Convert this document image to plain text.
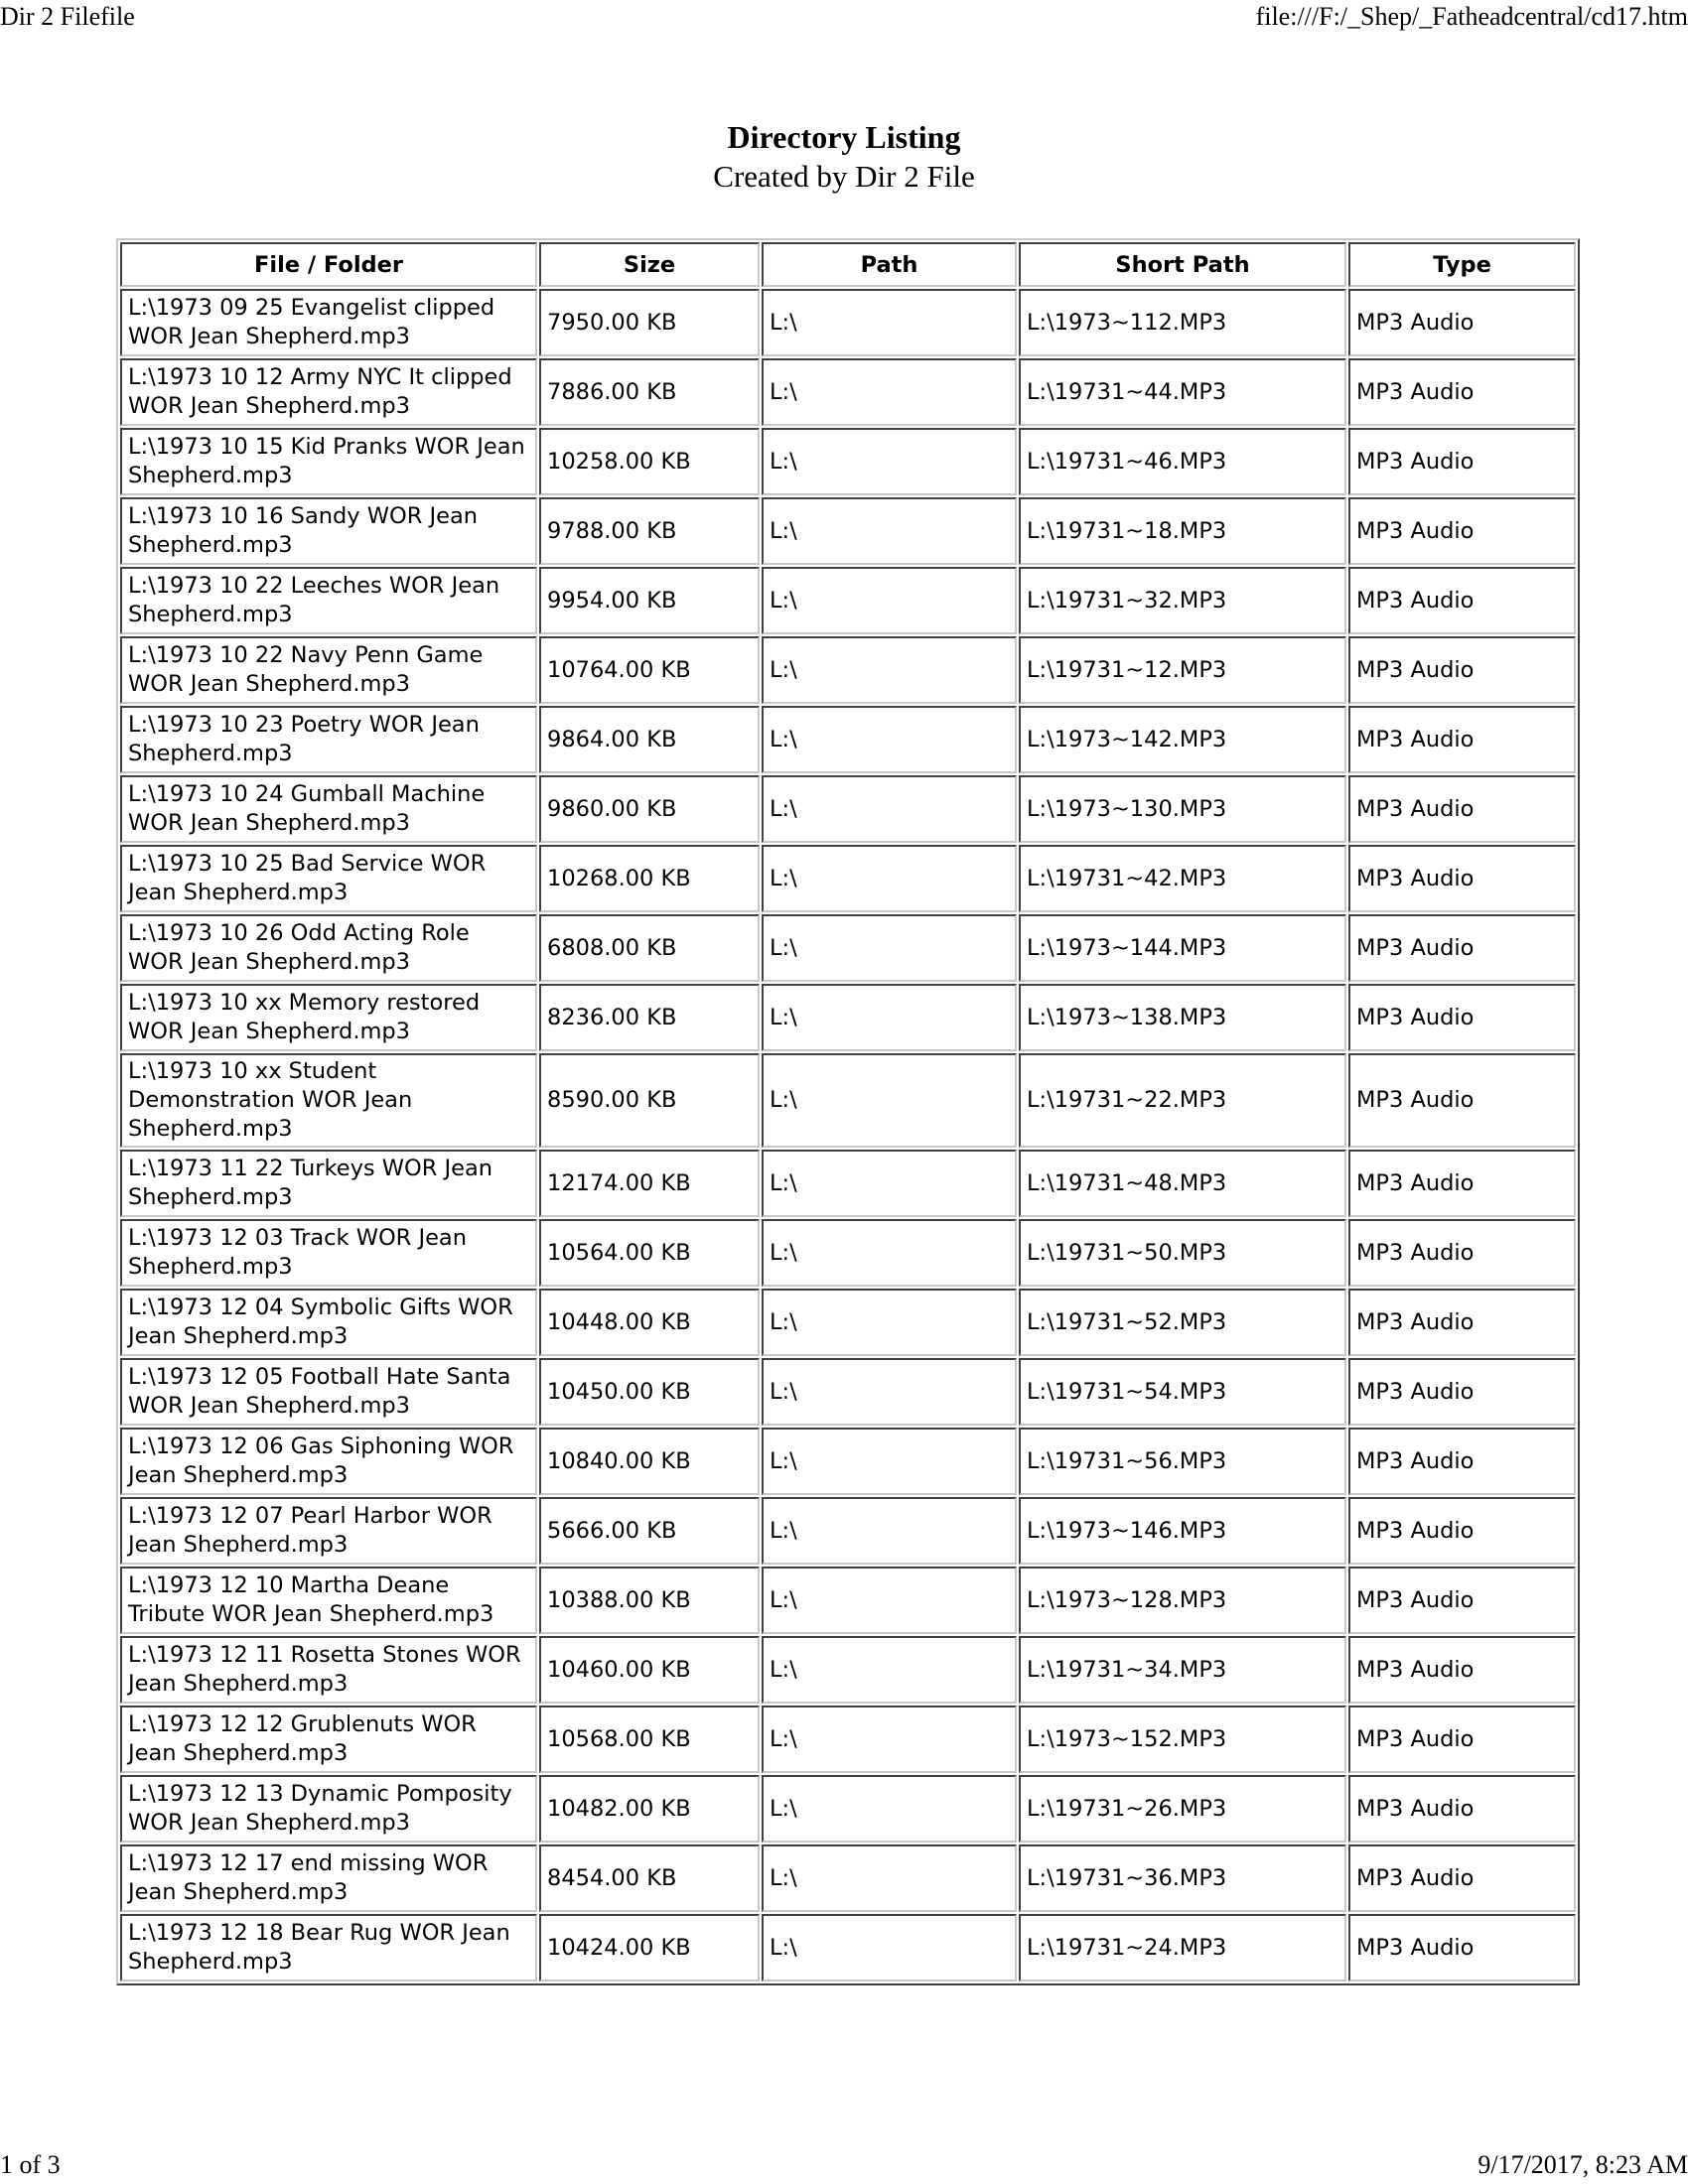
Dir 2 Filefile	file:///F:/_Shep/_Fatheadcentral/cd17.htm
Directory Listing
Created by Dir 2 File
File / Folder	Size	Path	Short Path	Type
L:\1973 09 25 Evangelist clipped WOR Jean Shepherd.mp3	7950.00 KB	L:\	L:\1973~112.MP3	MP3 Audio
L:\1973 10 12 Army NYC It clipped WOR Jean Shepherd.mp3	7886.00 KB	L:\	L:\19731~44.MP3	MP3 Audio
L:\1973 10 15 Kid Pranks WOR Jean Shepherd.mp3	10258.00 KB	L:\	L:\19731~46.MP3	MP3 Audio
L:\1973 10 16 Sandy WOR Jean Shepherd.mp3	9788.00 KB	L:\	L:\19731~18.MP3	MP3 Audio
L:\1973 10 22 Leeches WOR Jean Shepherd.mp3	9954.00 KB	L:\	L:\19731~32.MP3	MP3 Audio
L:\1973 10 22 Navy Penn Game WOR Jean Shepherd.mp3	10764.00 KB	L:\	L:\19731~12.MP3	MP3 Audio
L:\1973 10 23 Poetry WOR Jean Shepherd.mp3	9864.00 KB	L:\	L:\1973~142.MP3	MP3 Audio
L:\1973 10 24 Gumball Machine WOR Jean Shepherd.mp3	9860.00 KB	L:\	L:\1973~130.MP3	MP3 Audio
L:\1973 10 25 Bad Service WOR Jean Shepherd.mp3	10268.00 KB	L:\	L:\19731~42.MP3	MP3 Audio
L:\1973 10 26 Odd Acting Role WOR Jean Shepherd.mp3	6808.00 KB	L:\	L:\1973~144.MP3	MP3 Audio
L:\1973 10 xx Memory restored WOR Jean Shepherd.mp3	8236.00 KB	L:\	L:\1973~138.MP3	MP3 Audio
L:\1973 10 xx Student Demonstration WOR Jean Shepherd.mp3	8590.00 KB	L:\	L:\19731~22.MP3	MP3 Audio
L:\1973 11 22 Turkeys WOR Jean Shepherd.mp3	12174.00 KB	L:\	L:\19731~48.MP3	MP3 Audio
L:\1973 12 03 Track WOR Jean Shepherd.mp3	10564.00 KB	L:\	L:\19731~50.MP3	MP3 Audio
L:\1973 12 04 Symbolic Gifts WOR Jean Shepherd.mp3	10448.00 KB	L:\	L:\19731~52.MP3	MP3 Audio
L:\1973 12 05 Football Hate Santa WOR Jean Shepherd.mp3	10450.00 KB	L:\	L:\19731~54.MP3	MP3 Audio
L:\1973 12 06 Gas Siphoning WOR Jean Shepherd.mp3	10840.00 KB	L:\	L:\19731~56.MP3	MP3 Audio
L:\1973 12 07 Pearl Harbor WOR Jean Shepherd.mp3	5666.00 KB	L:\	L:\1973~146.MP3	MP3 Audio
L:\1973 12 10 Martha Deane Tribute WOR Jean Shepherd.mp3	10388.00 KB	L:\	L:\1973~128.MP3	MP3 Audio
L:\1973 12 11 Rosetta Stones WOR Jean Shepherd.mp3	10460.00 KB	L:\	L:\19731~34.MP3	MP3 Audio
L:\1973 12 12 Grublenuts WOR Jean Shepherd.mp3	10568.00 KB	L:\	L:\1973~152.MP3	MP3 Audio
L:\1973 12 13 Dynamic Pomposity WOR Jean Shepherd.mp3	10482.00 KB	L:\	L:\19731~26.MP3	MP3 Audio
L:\1973 12 17 end missing WOR Jean Shepherd.mp3	8454.00 KB	L:\	L:\19731~36.MP3	MP3 Audio
L:\1973 12 18 Bear Rug WOR Jean Shepherd.mp3	10424.00 KB	L:\	L:\19731~24.MP3	MP3 Audio
1 of 3	9/17/2017, 8:23 AM
